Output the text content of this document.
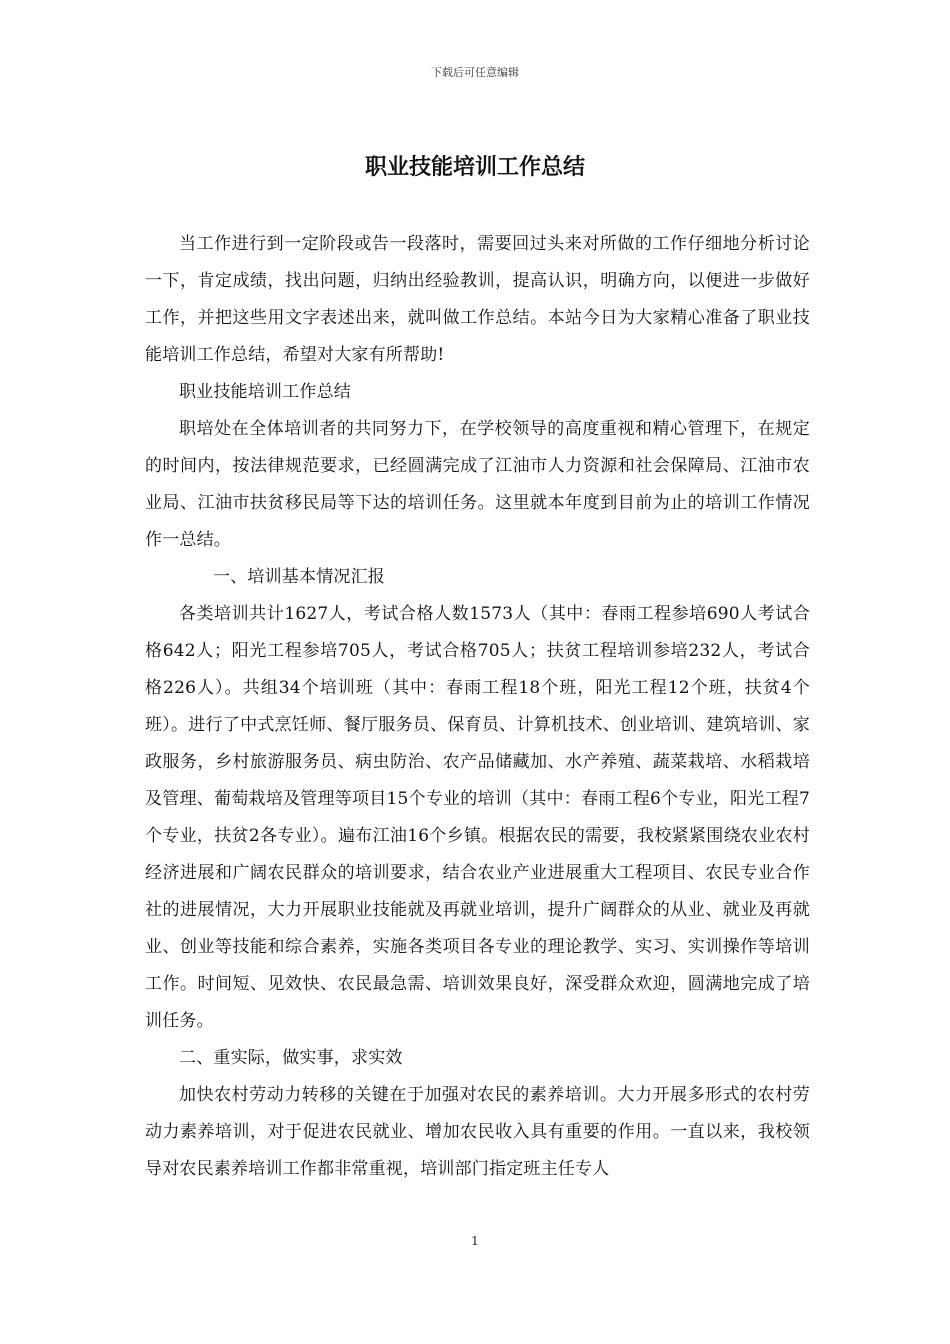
下载后可任意编辑
职业技能培训工作总结

当工作进行到一定阶段或告一段落时，需要回过头来对所做的工作仔细地分析讨论一下，肯定成绩，找出问题，归纳出经验教训，提高认识，明确方向，以便进一步做好工作，并把这些用文字表述出来，就叫做工作总结。本站今日为大家精心准备了职业技能培训工作总结，希望对大家有所帮助!

职业技能培训工作总结

职培处在全体培训者的共同努力下，在学校领导的高度重视和精心管理下，在规定的时间内，按法律规范要求，已经圆满完成了江油市人力资源和社会保障局、江油市农业局、江油市扶贫移民局等下达的培训任务。这里就本年度到目前为止的培训工作情况作一总结。

一、培训基本情况汇报

各类培训共计1627人，考试合格人数1573人（其中：春雨工程参培690人考试合格642人；阳光工程参培705人，考试合格705人；扶贫工程培训参培232人，考试合格226人）。共组34个培训班（其中：春雨工程18个班，阳光工程12个班，扶贫4个班）。进行了中式烹饪师、餐厅服务员、保育员、计算机技术、创业培训、建筑培训、家政服务，乡村旅游服务员、病虫防治、农产品储藏加、水产养殖、蔬菜栽培、水稻栽培及管理、葡萄栽培及管理等项目15个专业的培训（其中：春雨工程6个专业，阳光工程7个专业，扶贫2各专业）。遍布江油16个乡镇。根据农民的需要，我校紧紧围绕农业农村经济进展和广阔农民群众的培训要求，结合农业产业进展重大工程项目、农民专业合作社的进展情况，大力开展职业技能就及再就业培训，提升广阔群众的从业、就业及再就业、创业等技能和综合素养，实施各类项目各专业的理论教学、实习、实训操作等培训工作。时间短、见效快、农民最急需、培训效果良好，深受群众欢迎，圆满地完成了培训任务。

二、重实际，做实事，求实效

加快农村劳动力转移的关键在于加强对农民的素养培训。大力开展多形式的农村劳动力素养培训，对于促进农民就业、增加农民收入具有重要的作用。一直以来，我校领导对农民素养培训工作都非常重视，培训部门指定班主任专人

1
